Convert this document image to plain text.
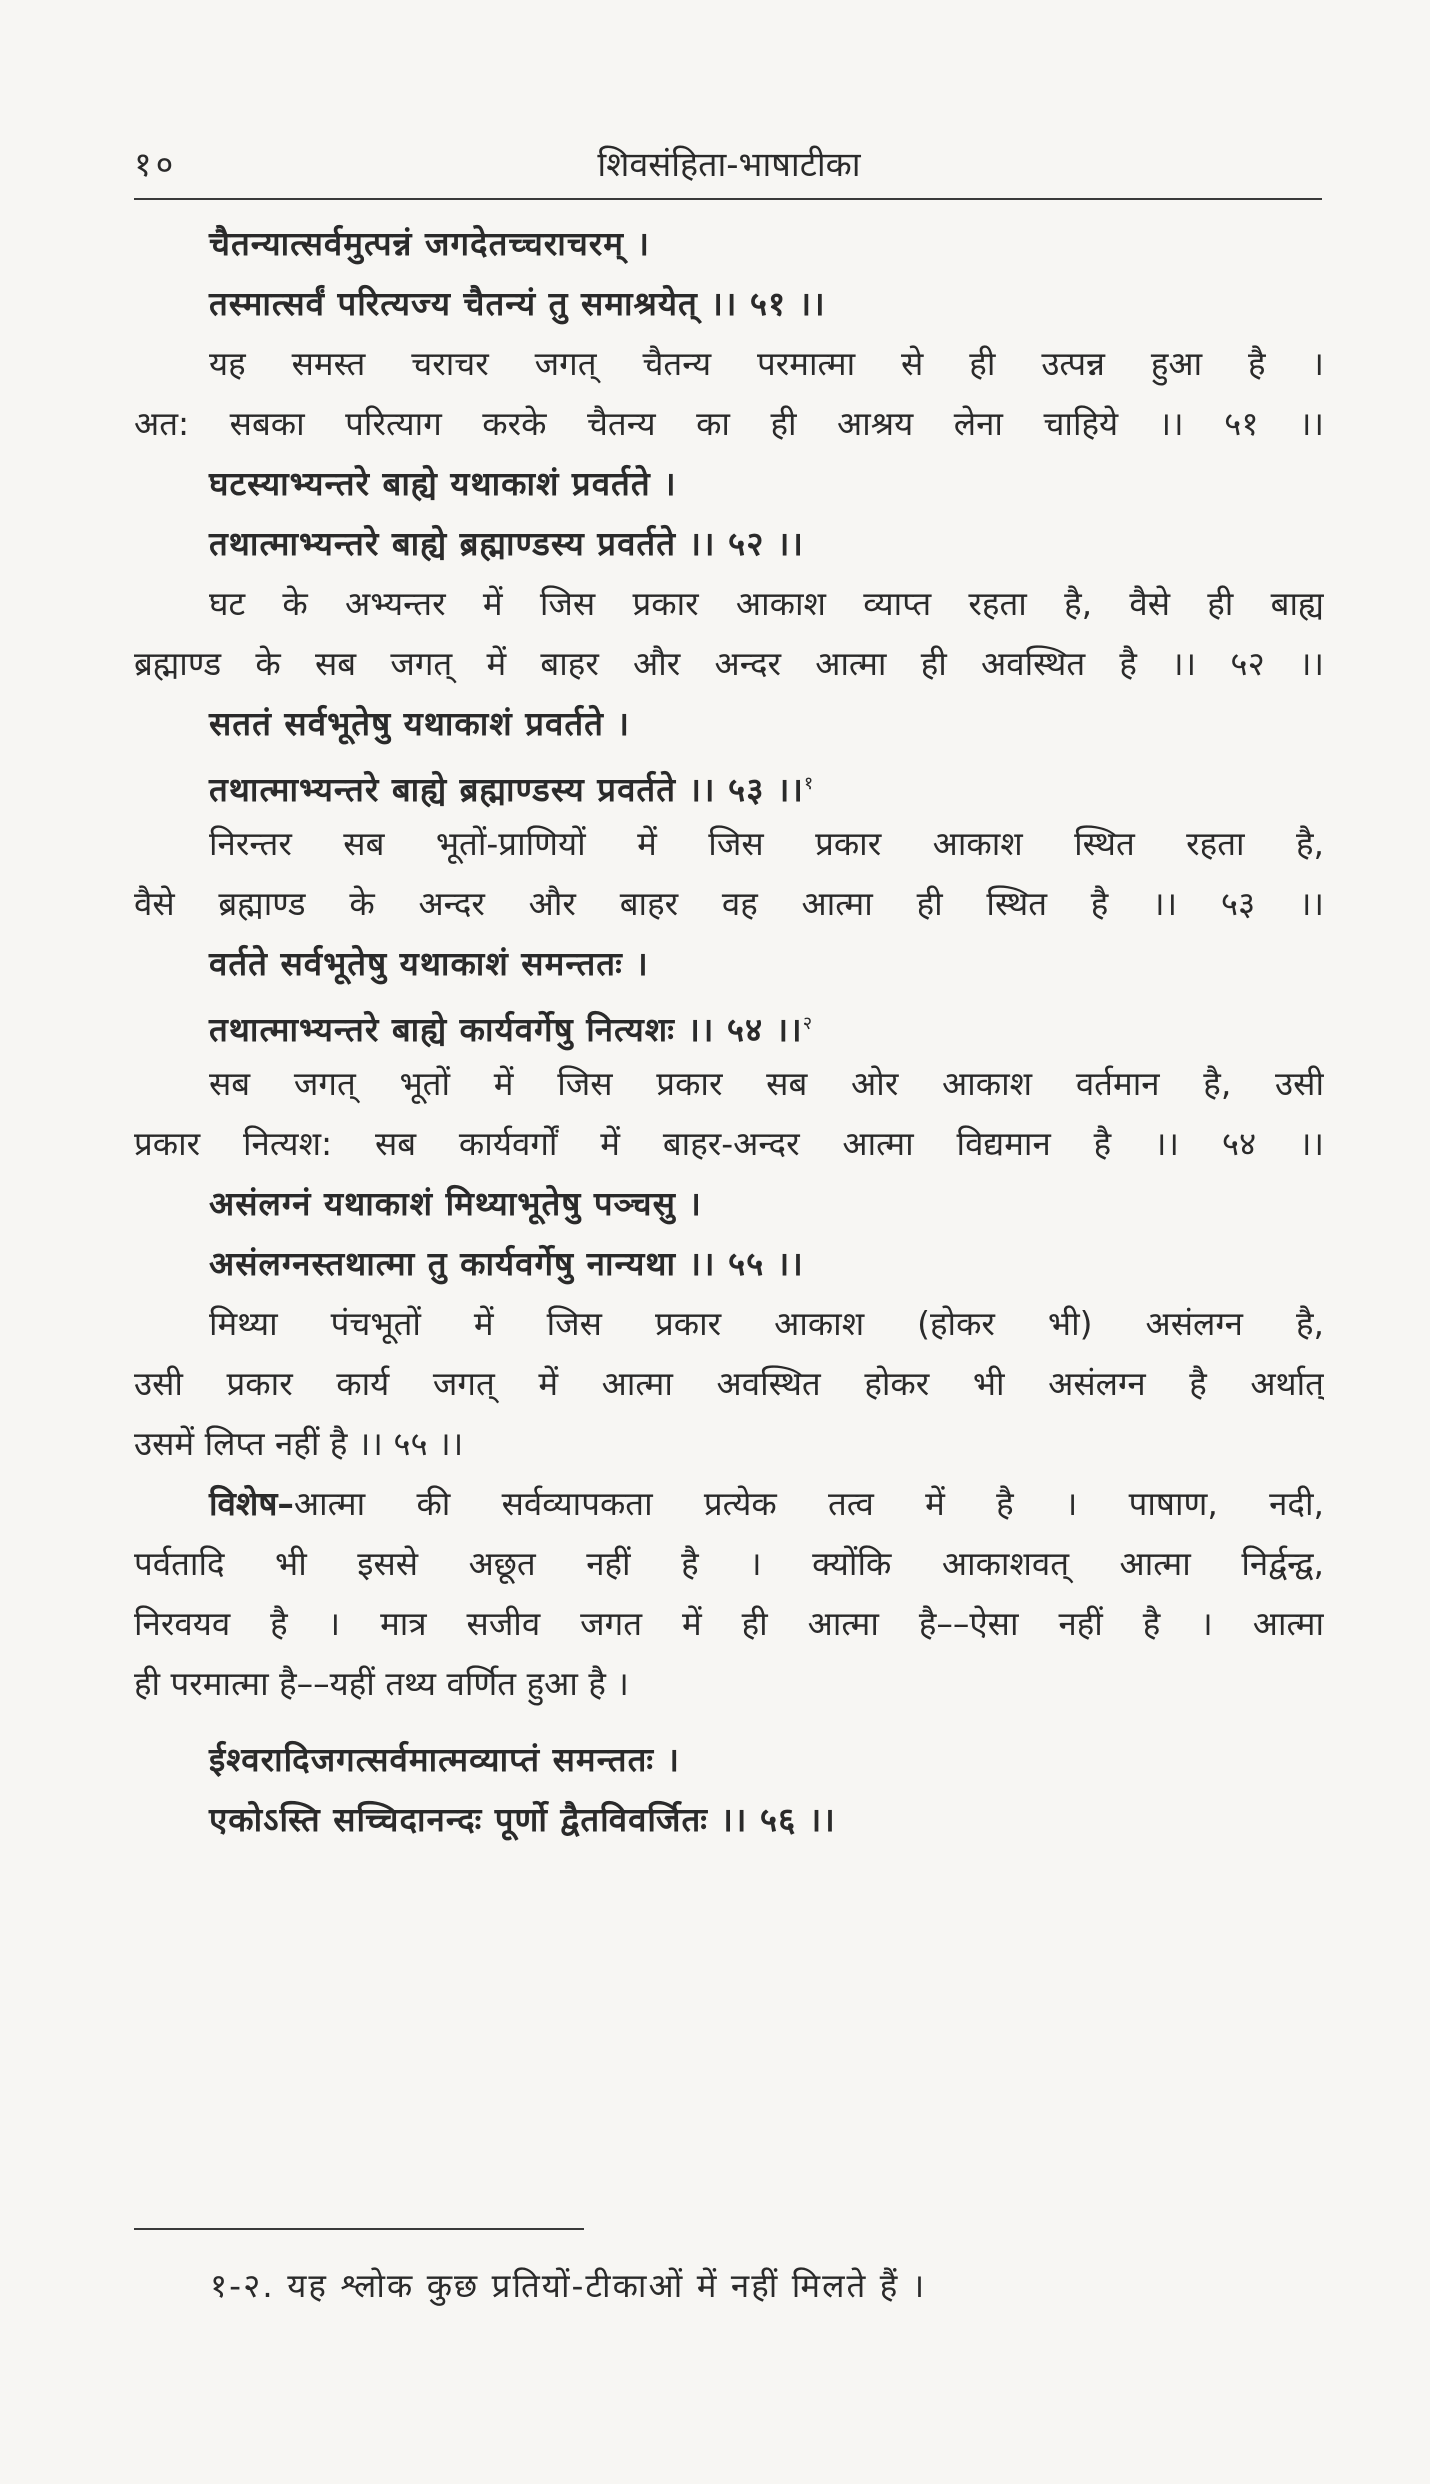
१०	शिवसंहिता-भाषाटीका
चैतन्यात्सर्वमुत्पन्नं जगदेतच्चराचरम् ।
तस्मात्सर्वं परित्यज्य चैतन्यं तु समाश्रयेत् ।। ५१ ।।
यह समस्त चराचर जगत् चैतन्य परमात्मा से ही उत्पन्न हुआ है ।
अत: सबका परित्याग करके चैतन्य का ही आश्रय लेना चाहिये ।। ५१ ।।
घटस्याभ्यन्तरे बाह्ये यथाकाशं प्रवर्तते ।
तथात्माभ्यन्तरे बाह्ये ब्रह्माण्डस्य प्रवर्तते ।। ५२ ।।
घट के अभ्यन्तर में जिस प्रकार आकाश व्याप्त रहता है, वैसे ही बाह्य
ब्रह्माण्ड के सब जगत् में बाहर और अन्दर आत्मा ही अवस्थित है ।। ५२ ।।
सततं सर्वभूतेषु यथाकाशं प्रवर्तते ।
तथात्माभ्यन्तरे बाह्ये ब्रह्माण्डस्य प्रवर्तते ।। ५३ ।।$^१$
निरन्तर सब भूतों-प्राणियों में जिस प्रकार आकाश स्थित रहता है,
वैसे ब्रह्माण्ड के अन्दर और बाहर वह आत्मा ही स्थित है ।। ५३ ।।
वर्तते सर्वभूतेषु यथाकाशं समन्ततः ।
तथात्माभ्यन्तरे बाह्ये कार्यवर्गेषु नित्यशः ।। ५४ ।।$^२$
सब जगत् भूतों में जिस प्रकार सब ओर आकाश वर्तमान है, उसी
प्रकार नित्यश: सब कार्यवर्गों में बाहर-अन्दर आत्मा विद्यमान है ।। ५४ ।।
असंलग्नं यथाकाशं मिथ्याभूतेषु पञ्चसु ।
असंलग्नस्तथात्मा तु कार्यवर्गेषु नान्यथा ।। ५५ ।।
मिथ्या पंचभूतों में जिस प्रकार आकाश (होकर भी) असंलग्न है,
उसी प्रकार कार्य जगत् में आत्मा अवस्थित होकर भी असंलग्न है अर्थात्
उसमें लिप्त नहीं है ।। ५५ ।।
विशेष–आत्मा की सर्वव्यापकता प्रत्येक तत्व में है । पाषाण, नदी,
पर्वतादि भी इससे अछूत नहीं है । क्योंकि आकाशवत् आत्मा निर्द्वन्द्व,
निरवयव है । मात्र सजीव जगत में ही आत्मा है––ऐसा नहीं है । आत्मा
ही परमात्मा है––यहीं तथ्य वर्णित हुआ है ।
ईश्वरादिजगत्सर्वमात्मव्याप्तं समन्ततः ।
एकोऽस्ति सच्चिदानन्दः पूर्णो द्वैतविवर्जितः ।। ५६ ।।
१-२. यह श्लोक कुछ प्रतियों-टीकाओं में नहीं मिलते हैं ।
